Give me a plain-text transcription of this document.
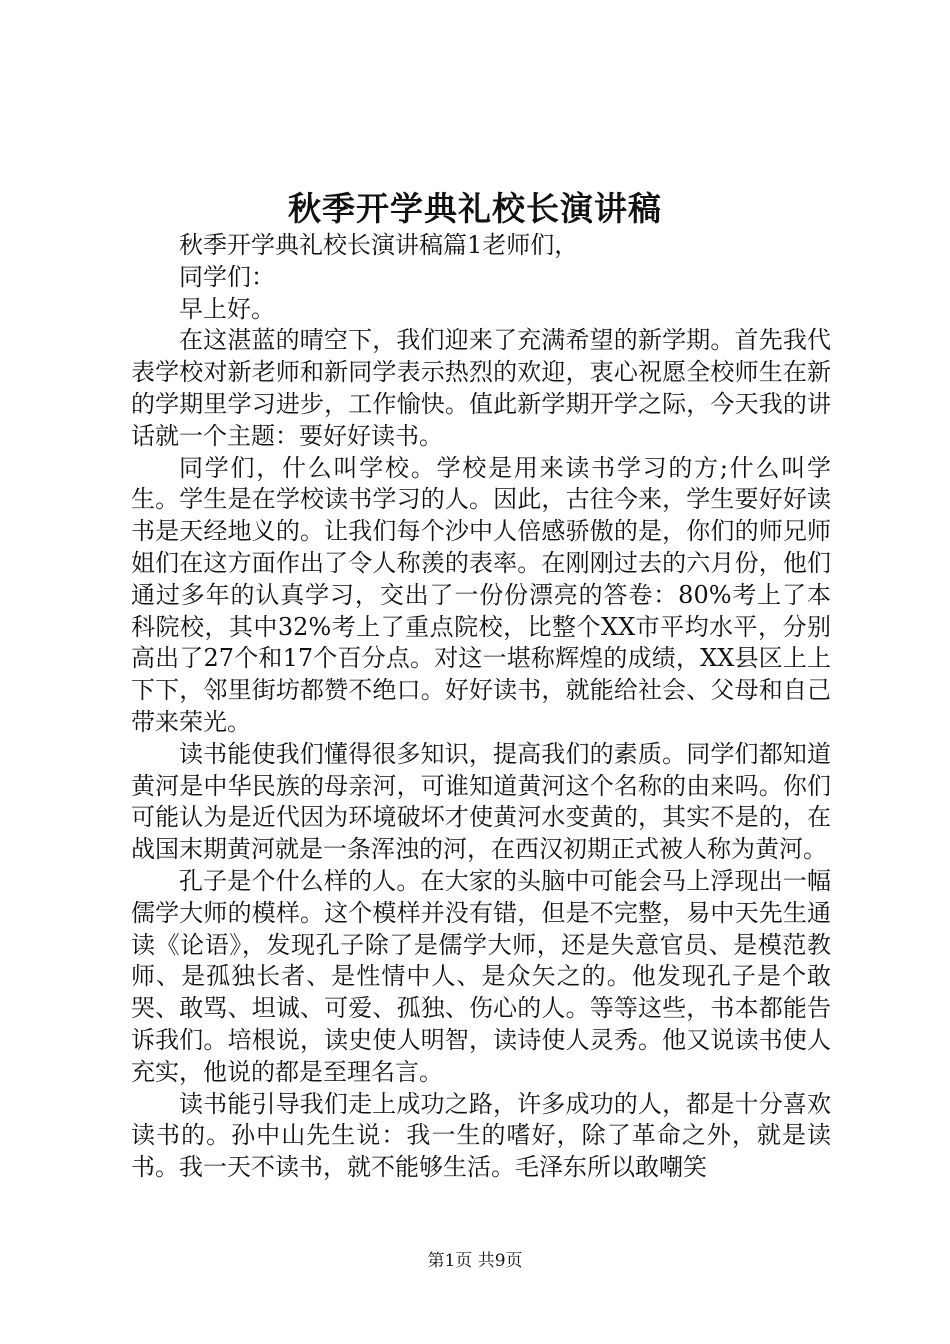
秋季开学典礼校长演讲稿

秋季开学典礼校长演讲稿篇1老师们，

同学们：

早上好。

在这湛蓝的晴空下，我们迎来了充满希望的新学期。首先我代表学校对新老师和新同学表示热烈的欢迎，衷心祝愿全校师生在新的学期里学习进步，工作愉快。值此新学期开学之际，今天我的讲话就一个主题：要好好读书。

同学们，什么叫学校。学校是用来读书学习的方;什么叫学生。学生是在学校读书学习的人。因此，古往今来，学生要好好读书是天经地义的。让我们每个沙中人倍感骄傲的是，你们的师兄师姐们在这方面作出了令人称羡的表率。在刚刚过去的六月份，他们通过多年的认真学习，交出了一份份漂亮的答卷：80%考上了本科院校，其中32%考上了重点院校，比整个XX市平均水平，分别高出了27个和17个百分点。对这一堪称辉煌的成绩，XX县区上上下下，邻里街坊都赞不绝口。好好读书，就能给社会、父母和自己带来荣光。

读书能使我们懂得很多知识，提高我们的素质。同学们都知道黄河是中华民族的母亲河，可谁知道黄河这个名称的由来吗。你们可能认为是近代因为环境破坏才使黄河水变黄的，其实不是的，在战国末期黄河就是一条浑浊的河，在西汉初期正式被人称为黄河。

孔子是个什么样的人。在大家的头脑中可能会马上浮现出一幅儒学大师的模样。这个模样并没有错，但是不完整，易中天先生通读《论语》，发现孔子除了是儒学大师，还是失意官员、是模范教师、是孤独长者、是性情中人、是众矢之的。他发现孔子是个敢哭、敢骂、坦诚、可爱、孤独、伤心的人。等等这些，书本都能告诉我们。培根说，读史使人明智，读诗使人灵秀。他又说读书使人充实，他说的都是至理名言。

读书能引导我们走上成功之路，许多成功的人，都是十分喜欢读书的。孙中山先生说：我一生的嗜好，除了革命之外，就是读书。我一天不读书，就不能够生活。毛泽东所以敢嘲笑

第1页 共9页
